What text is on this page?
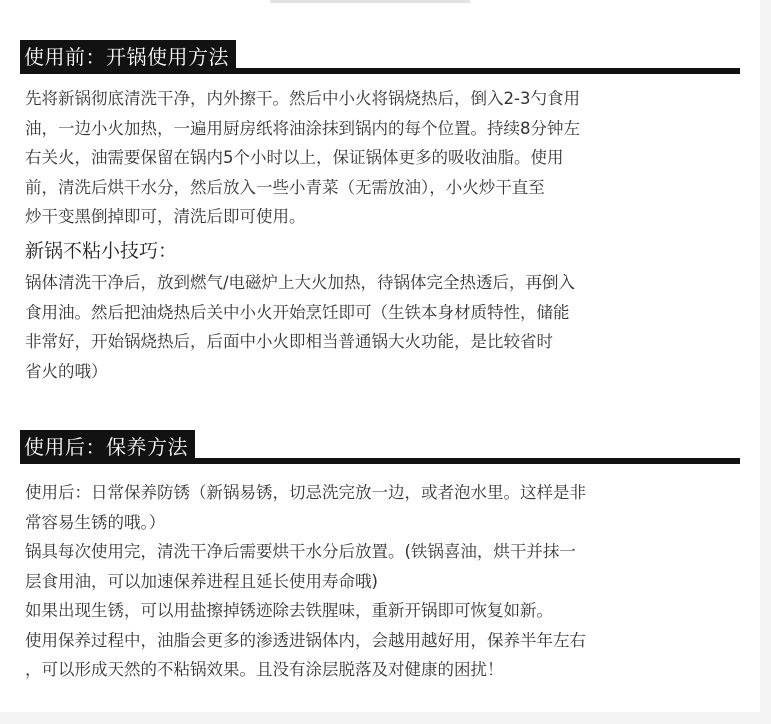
使用前：开锅使用方法

先将新锅彻底清洗干净，内外擦干。然后中小火将锅烧热后，倒入2-3勺食用

油，一边小火加热，一遍用厨房纸将油涂抹到锅内的每个位置。持续8分钟左

右关火，油需要保留在锅内5个小时以上，保证锅体更多的吸收油脂。使用

前，清洗后烘干水分，然后放入一些小青菜（无需放油），小火炒干直至

炒干变黑倒掉即可，清洗后即可使用。

新锅不粘小技巧：

锅体清洗干净后，放到燃气/电磁炉上大火加热，待锅体完全热透后，再倒入

食用油。然后把油烧热后关中小火开始烹饪即可（生铁本身材质特性，储能

非常好，开始锅烧热后，后面中小火即相当普通锅大火功能，是比较省时

省火的哦）

使用后：保养方法

使用后：日常保养防锈（新锅易锈，切忌洗完放一边，或者泡水里。这样是非

常容易生锈的哦。）

锅具每次使用完，清洗干净后需要烘干水分后放置。(铁锅喜油，烘干并抹一

层食用油，可以加速保养进程且延长使用寿命哦)

如果出现生锈，可以用盐擦掉锈迹除去铁腥味，重新开锅即可恢复如新。

使用保养过程中，油脂会更多的渗透进锅体内，会越用越好用，保养半年左右

，可以形成天然的不粘锅效果。且没有涂层脱落及对健康的困扰！
